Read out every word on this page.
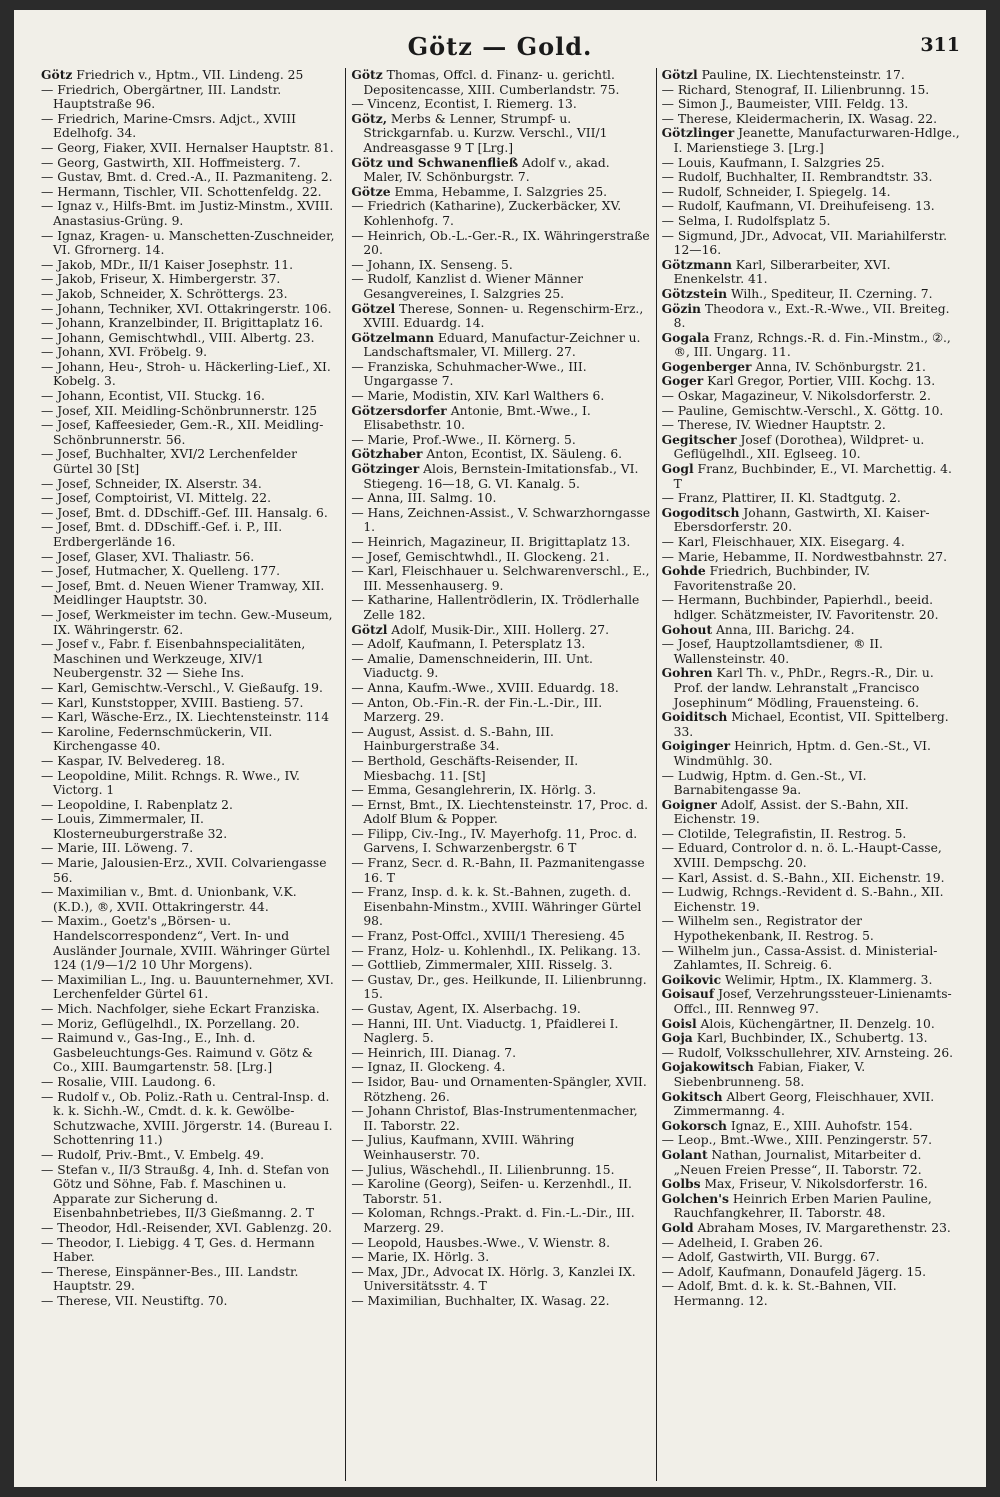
Götz — Gold.	311
Götz Friedrich v., Hptm., VII. Lindeng. 25
— Friedrich, Obergärtner, III. Landstr. Hauptstraße 96.
— Friedrich, Marine-Cmsrs. Adjct., XVIII Edelhofg. 34.
— Georg, Fiaker, XVII. Hernalser Hauptstr. 81.
— Georg, Gastwirth, XII. Hoffmeisterg. 7.
— Gustav, Bmt. d. Cred.-A., II. Pazmaniteng. 2.
— Hermann, Tischler, VII. Schottenfeldg. 22.
— Ignaz v., Hilfs-Bmt. im Justiz-Minstm., XVIII. Anastasius-Grüng. 9.
— Ignaz, Kragen- u. Manschetten-Zuschneider, VI. Gfrornerg. 14.
— Jakob, MDr., II/1 Kaiser Josephstr. 11.
— Jakob, Friseur, X. Himbergerstr. 37.
— Jakob, Schneider, X. Schröttergs. 23.
— Johann, Techniker, XVI. Ottakringerstr. 106.
— Johann, Kranzelbinder, II. Brigittaplatz 16.
— Johann, Gemischtwhdl., VIII. Albertg. 23.
— Johann, XVI. Fröbelg. 9.
— Johann, Heu-, Stroh- u. Häckerling-Lief., XI. Kobelg. 3.
— Johann, Econtist, VII. Stuckg. 16.
— Josef, XII. Meidling-Schönbrunnerstr. 125
— Josef, Kaffeesieder, Gem.-R., XII. Meidling-Schönbrunnerstr. 56.
— Josef, Buchhalter, XVI/2 Lerchenfelder Gürtel 30 [St]
— Josef, Schneider, IX. Alserstr. 34.
— Josef, Comptoirist, VI. Mittelg. 22.
— Josef, Bmt. d. DDschiff.-Gef. III. Hansalg. 6.
— Josef, Bmt. d. DDschiff.-Gef. i. P., III. Erdbergerlände 16.
— Josef, Glaser, XVI. Thaliastr. 56.
— Josef, Hutmacher, X. Quelleng. 177.
— Josef, Bmt. d. Neuen Wiener Tramway, XII. Meidlinger Hauptstr. 30.
— Josef, Werkmeister im techn. Gew.-Museum, IX. Währingerstr. 62.
— Josef v., Fabr. f. Eisenbahnspecialitäten, Maschinen und Werkzeuge, XIV/1 Neubergenstr. 32 — Siehe Ins.
— Karl, Gemischtw.-Verschl., V. Gießaufg. 19.
— Karl, Kunststopper, XVIII. Bastieng. 57.
— Karl, Wäsche-Erz., IX. Liechtensteinstr. 114
— Karoline, Federnschmückerin, VII. Kirchengasse 40.
— Kaspar, IV. Belvedereg. 18.
— Leopoldine, Milit. Rchngs. R. Wwe., IV. Victorg. 1
— Leopoldine, I. Rabenplatz 2.
— Louis, Zimmermaler, II. Klosterneuburgerstraße 32.
— Marie, III. Löweng. 7.
— Marie, Jalousien-Erz., XVII. Colvariengasse 56.
— Maximilian v., Bmt. d. Unionbank, V.K. (K.D.), ®, XVII. Ottakringerstr. 44.
— Maxim., Goetz's „Börsen- u. Handelscorrespondenz“, Vert. In- und Ausländer Journale, XVIII. Währinger Gürtel 124 (1/9—1/2 10 Uhr Morgens).
— Maximilian L., Ing. u. Bauunternehmer, XVI. Lerchenfelder Gürtel 61.
— Mich. Nachfolger, siehe Eckart Franziska.
— Moriz, Geflügelhdl., IX. Porzellang. 20.
— Raimund v., Gas-Ing., E., Inh. d. Gasbeleuchtungs-Ges. Raimund v. Götz & Co., XIII. Baumgartenstr. 58. [Lrg.]
— Rosalie, VIII. Laudong. 6.
— Rudolf v., Ob. Poliz.-Rath u. Central-Insp. d. k. k. Sichh.-W., Cmdt. d. k. k. Gewölbe-Schutzwache, XVIII. Jörgerstr. 14. (Bureau I. Schottenring 11.)
— Rudolf, Priv.-Bmt., V. Embelg. 49.
— Stefan v., II/3 Straußg. 4, Inh. d. Stefan von Götz und Söhne, Fab. f. Maschinen u. Apparate zur Sicherung d. Eisenbahnbetriebes, II/3 Gießmanng. 2. T
— Theodor, Hdl.-Reisender, XVI. Gablenzg. 20.
— Theodor, I. Liebigg. 4 T, Ges. d. Hermann Haber.
— Therese, Einspänner-Bes., III. Landstr. Hauptstr. 29.
— Therese, VII. Neustiftg. 70.
Götz Thomas, Offcl. d. Finanz- u. gerichtl. Depositencasse, XIII. Cumberlandstr. 75.
— Vincenz, Econtist, I. Riemerg. 13.
Götz, Merbs & Lenner, Strumpf- u. Strickgarnfab. u. Kurzw. Verschl., VII/1 Andreasgasse 9 T [Lrg.]
Götz und Schwanenfließ Adolf v., akad. Maler, IV. Schönburgstr. 7.
Götze Emma, Hebamme, I. Salzgries 25.
— Friedrich (Katharine), Zuckerbäcker, XV. Kohlenhofg. 7.
— Heinrich, Ob.-L.-Ger.-R., IX. Währingerstraße 20.
— Johann, IX. Senseng. 5.
— Rudolf, Kanzlist d. Wiener Männer Gesangvereines, I. Salzgries 25.
Götzel Therese, Sonnen- u. Regenschirm-Erz., XVIII. Eduardg. 14.
Götzelmann Eduard, Manufactur-Zeichner u. Landschaftsmaler, VI. Millerg. 27.
— Franziska, Schuhmacher-Wwe., III. Ungargasse 7.
— Marie, Modistin, XIV. Karl Walthers 6.
Götzersdorfer Antonie, Bmt.-Wwe., I. Elisabethstr. 10.
— Marie, Prof.-Wwe., II. Körnerg. 5.
Götzhaber Anton, Econtist, IX. Säuleng. 6.
Götzinger Alois, Bernstein-Imitationsfab., VI. Stiegeng. 16—18, G. VI. Kanalg. 5.
— Anna, III. Salmg. 10.
— Hans, Zeichnen-Assist., V. Schwarzhorngasse 1.
— Heinrich, Magazineur, II. Brigittaplatz 13.
— Josef, Gemischtwhdl., II. Glockeng. 21.
— Karl, Fleischhauer u. Selchwarenverschl., E., III. Messenhauserg. 9.
— Katharine, Hallentrödlerin, IX. Trödlerhalle Zelle 182.
Götzl Adolf, Musik-Dir., XIII. Hollerg. 27.
— Adolf, Kaufmann, I. Petersplatz 13.
— Amalie, Damenschneiderin, III. Unt. Viaductg. 9.
— Anna, Kaufm.-Wwe., XVIII. Eduardg. 18.
— Anton, Ob.-Fin.-R. der Fin.-L.-Dir., III. Marzerg. 29.
— August, Assist. d. S.-Bahn, III. Hainburgerstraße 34.
— Berthold, Geschäfts-Reisender, II. Miesbachg. 11. [St]
— Emma, Gesanglehrerin, IX. Hörlg. 3.
— Ernst, Bmt., IX. Liechtensteinstr. 17, Proc. d. Adolf Blum & Popper.
— Filipp, Civ.-Ing., IV. Mayerhofg. 11, Proc. d. Garvens, I. Schwarzenbergstr. 6 T
— Franz, Secr. d. R.-Bahn, II. Pazmanitengasse 16. T
— Franz, Insp. d. k. k. St.-Bahnen, zugeth. d. Eisenbahn-Minstm., XVIII. Währinger Gürtel 98.
— Franz, Post-Offcl., XVIII/1 Theresieng. 45
— Franz, Holz- u. Kohlenhdl., IX. Pelikang. 13.
— Gottlieb, Zimmermaler, XIII. Risselg. 3.
— Gustav, Dr., ges. Heilkunde, II. Lilienbrunng. 15.
— Gustav, Agent, IX. Alserbachg. 19.
— Hanni, III. Unt. Viaductg. 1, Pfaidlerei I. Naglerg. 5.
— Heinrich, III. Dianag. 7.
— Ignaz, II. Glockeng. 4.
— Isidor, Bau- und Ornamenten-Spängler, XVII. Rötzheng. 26.
— Johann Christof, Blas-Instrumentenmacher, II. Taborstr. 22.
— Julius, Kaufmann, XVIII. Währing Weinhauserstr. 70.
— Julius, Wäschehdl., II. Lilienbrunng. 15.
— Karoline (Georg), Seifen- u. Kerzenhdl., II. Taborstr. 51.
— Koloman, Rchngs.-Prakt. d. Fin.-L.-Dir., III. Marzerg. 29.
— Leopold, Hausbes.-Wwe., V. Wienstr. 8.
— Marie, IX. Hörlg. 3.
— Max, JDr., Advocat IX. Hörlg. 3, Kanzlei IX. Universitätsstr. 4. T
— Maximilian, Buchhalter, IX. Wasag. 22.
Götzl Pauline, IX. Liechtensteinstr. 17.
— Richard, Stenograf, II. Lilienbrunng. 15.
— Simon J., Baumeister, VIII. Feldg. 13.
— Therese, Kleidermacherin, IX. Wasag. 22.
Götzlinger Jeanette, Manufacturwaren-Hdlge., I. Marienstiege 3. [Lrg.]
— Louis, Kaufmann, I. Salzgries 25.
— Rudolf, Buchhalter, II. Rembrandtstr. 33.
— Rudolf, Schneider, I. Spiegelg. 14.
— Rudolf, Kaufmann, VI. Dreihufeiseng. 13.
— Selma, I. Rudolfsplatz 5.
— Sigmund, JDr., Advocat, VII. Mariahilferstr. 12—16.
Götzmann Karl, Silberarbeiter, XVI. Enenkelstr. 41.
Götzstein Wilh., Spediteur, II. Czerning. 7.
Gözin Theodora v., Ext.-R.-Wwe., VII. Breiteg. 8.
Gogala Franz, Rchngs.-R. d. Fin.-Minstm., ②., ®, III. Ungarg. 11.
Gogenberger Anna, IV. Schönburgstr. 21.
Goger Karl Gregor, Portier, VIII. Kochg. 13.
— Oskar, Magazineur, V. Nikolsdorferstr. 2.
— Pauline, Gemischtw.-Verschl., X. Göttg. 10.
— Therese, IV. Wiedner Hauptstr. 2.
Gegitscher Josef (Dorothea), Wildpret- u. Geflügelhdl., XII. Eglseeg. 10.
Gogl Franz, Buchbinder, E., VI. Marchettig. 4. T
— Franz, Plattirer, II. Kl. Stadtgutg. 2.
Gogoditsch Johann, Gastwirth, XI. Kaiser-Ebersdorferstr. 20.
— Karl, Fleischhauer, XIX. Eisegarg. 4.
— Marie, Hebamme, II. Nordwestbahnstr. 27.
Gohde Friedrich, Buchbinder, IV. Favoritenstraße 20.
— Hermann, Buchbinder, Papierhdl., beeid. hdlger. Schätzmeister, IV. Favoritenstr. 20.
Gohout Anna, III. Barichg. 24.
— Josef, Hauptzollamtsdiener, ® II. Wallensteinstr. 40.
Gohren Karl Th. v., PhDr., Regrs.-R., Dir. u. Prof. der landw. Lehranstalt „Francisco Josephinum“ Mödling, Frauensteing. 6.
Goiditsch Michael, Econtist, VII. Spittelberg. 33.
Goiginger Heinrich, Hptm. d. Gen.-St., VI. Windmühlg. 30.
— Ludwig, Hptm. d. Gen.-St., VI. Barnabitengasse 9a.
Goigner Adolf, Assist. der S.-Bahn, XII. Eichenstr. 19.
— Clotilde, Telegrafistin, II. Restrog. 5.
— Eduard, Controlor d. n. ö. L.-Haupt-Casse, XVIII. Dempschg. 20.
— Karl, Assist. d. S.-Bahn., XII. Eichenstr. 19.
— Ludwig, Rchngs.-Revident d. S.-Bahn., XII. Eichenstr. 19.
— Wilhelm sen., Registrator der Hypothekenbank, II. Restrog. 5.
— Wilhelm jun., Cassa-Assist. d. Ministerial-Zahlamtes, II. Schreig. 6.
Goikovic Welimir, Hptm., IX. Klammerg. 3.
Goisauf Josef, Verzehrungssteuer-Linienamts-Offcl., III. Rennweg 97.
Goisl Alois, Küchengärtner, II. Denzelg. 10.
Goja Karl, Buchbinder, IX., Schubertg. 13.
— Rudolf, Volksschullehrer, XIV. Arnsteing. 26.
Gojakowitsch Fabian, Fiaker, V. Siebenbrunneng. 58.
Gokitsch Albert Georg, Fleischhauer, XVII. Zimmermanng. 4.
Gokorsch Ignaz, E., XIII. Auhofstr. 154.
— Leop., Bmt.-Wwe., XIII. Penzingerstr. 57.
Golant Nathan, Journalist, Mitarbeiter d. „Neuen Freien Presse“, II. Taborstr. 72.
Golbs Max, Friseur, V. Nikolsdorferstr. 16.
Golchen's Heinrich Erben Marien Pauline, Rauchfangkehrer, II. Taborstr. 48.
Gold Abraham Moses, IV. Margarethenstr. 23.
— Adelheid, I. Graben 26.
— Adolf, Gastwirth, VII. Burgg. 67.
— Adolf, Kaufmann, Donaufeld Jägerg. 15.
— Adolf, Bmt. d. k. k. St.-Bahnen, VII. Hermanng. 12.
